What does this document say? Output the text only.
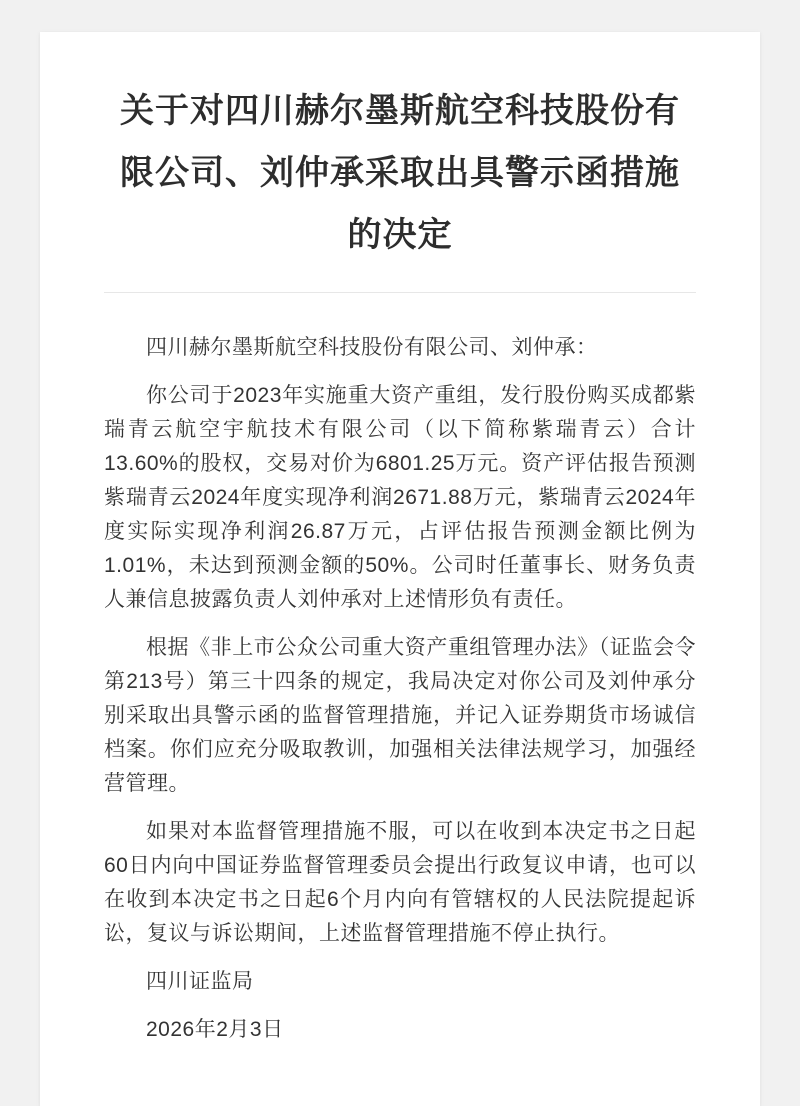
关于对四川赫尔墨斯航空科技股份有限公司、刘仲承采取出具警示函措施的决定

四川赫尔墨斯航空科技股份有限公司、刘仲承：

你公司于2023年实施重大资产重组，发行股份购买成都紫瑞青云航空宇航技术有限公司（以下简称紫瑞青云）合计13.60%的股权，交易对价为6801.25万元。资产评估报告预测紫瑞青云2024年度实现净利润2671.88万元，紫瑞青云2024年度实际实现净利润26.87万元，占评估报告预测金额比例为1.01%，未达到预测金额的50%。公司时任董事长、财务负责人兼信息披露负责人刘仲承对上述情形负有责任。

根据《非上市公众公司重大资产重组管理办法》（证监会令第213号）第三十四条的规定，我局决定对你公司及刘仲承分别采取出具警示函的监督管理措施，并记入证券期货市场诚信档案。你们应充分吸取教训，加强相关法律法规学习，加强经营管理。

如果对本监督管理措施不服，可以在收到本决定书之日起60日内向中国证券监督管理委员会提出行政复议申请，也可以在收到本决定书之日起6个月内向有管辖权的人民法院提起诉讼，复议与诉讼期间，上述监督管理措施不停止执行。

四川证监局

2026年2月3日
